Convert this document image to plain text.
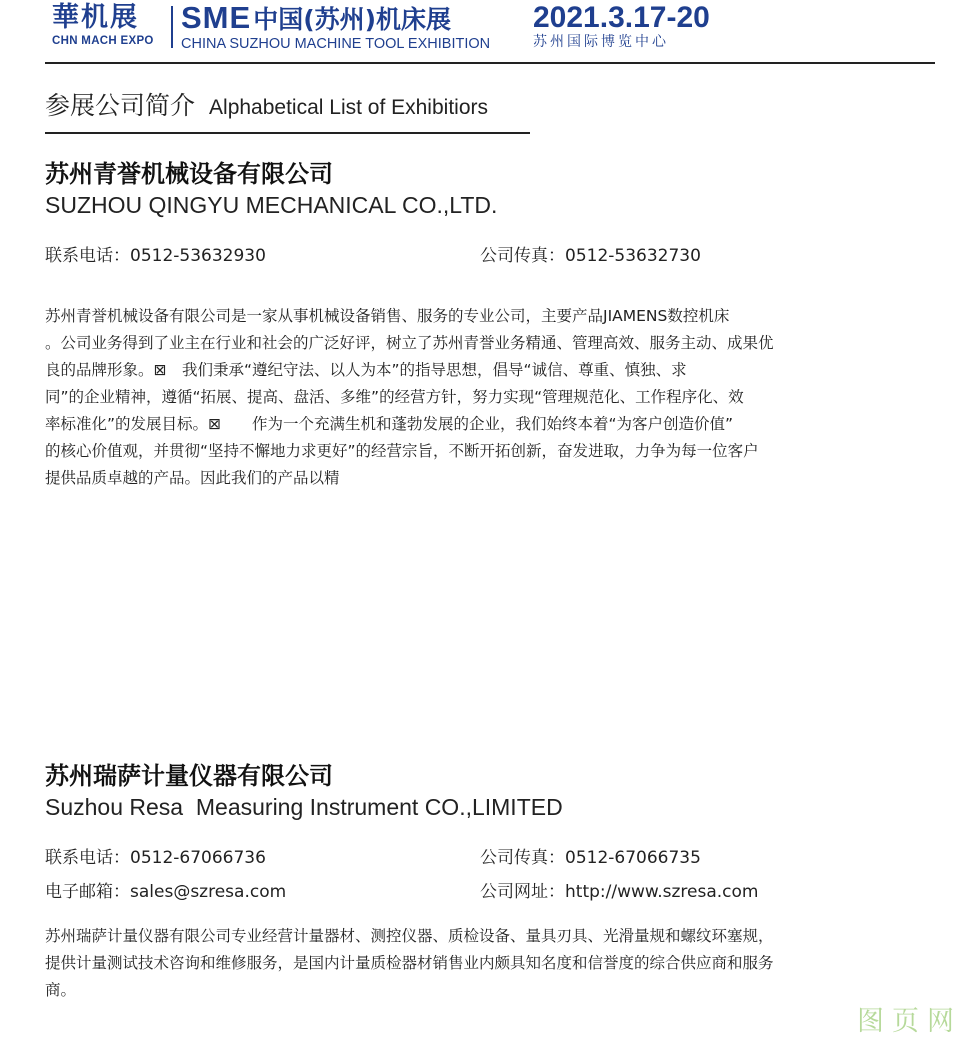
華机展
CHN MACH EXPO
SME中国(苏州)机床展
CHINA SUZHOU MACHINE TOOL EXHIBITION
2021.3.17-20
苏州国际博览中心
参展公司简介 Alphabetical List of Exhibitiors
苏州青誉机械设备有限公司
SUZHOU QINGYU MECHANICAL CO.,LTD.
联系电话：0512-53632930	公司传真：0512-53632730
苏州青誉机械设备有限公司是一家从事机械设备销售、服务的专业公司，主要产品JIAMENS数控机床
。公司业务得到了业主在行业和社会的广泛好评，树立了苏州青誉业务精通、管理高效、服务主动、成果优
良的品牌形象。⊠　我们秉承“遵纪守法、以人为本”的指导思想，倡导“诚信、尊重、慎独、求
同”的企业精神，遵循“拓展、提高、盘活、多维”的经营方针，努力实现“管理规范化、工作程序化、效
率标准化”的发展目标。⊠　　作为一个充满生机和蓬勃发展的企业，我们始终本着“为客户创造价值”
的核心价值观，并贯彻“坚持不懈地力求更好”的经营宗旨，不断开拓创新，奋发进取，力争为每一位客户
提供品质卓越的产品。因此我们的产品以精
苏州瑞萨计量仪器有限公司
Suzhou Resa  Measuring Instrument CO.,LIMITED
联系电话：0512-67066736	公司传真：0512-67066735
电子邮箱：sales@szresa.com	公司网址：http://www.szresa.com
苏州瑞萨计量仪器有限公司专业经营计量器材、测控仪器、质检设备、量具刃具、光滑量规和螺纹环塞规，
提供计量测试技术咨询和维修服务，是国内计量质检器材销售业内颇具知名度和信誉度的综合供应商和服务
商。
图页网
